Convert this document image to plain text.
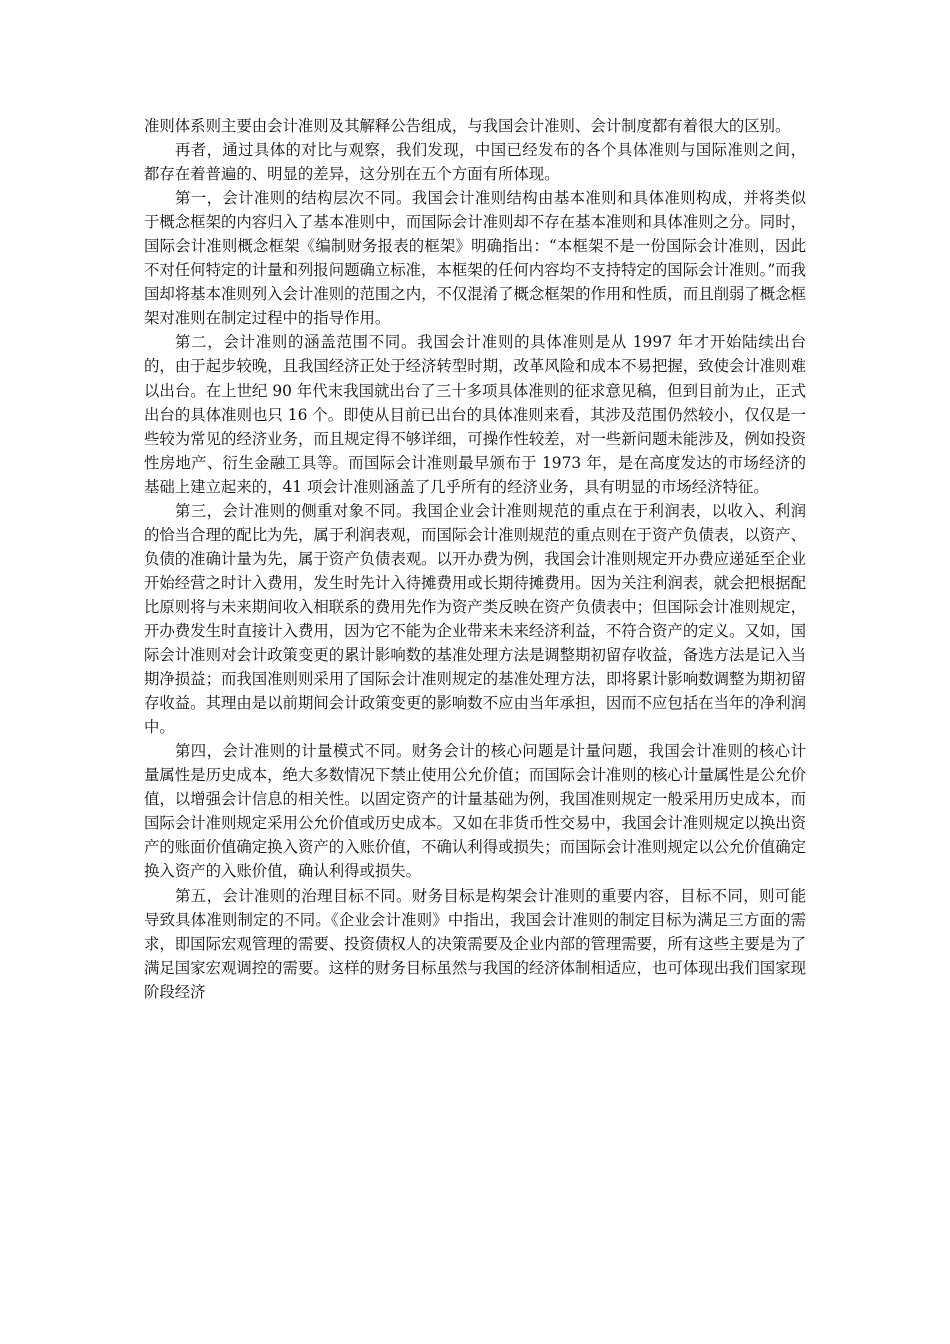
准则体系则主要由会计准则及其解释公告组成，与我国会计准则、会计制度都有着很大的区别。

再者，通过具体的对比与观察，我们发现，中国已经发布的各个具体准则与国际准则之间，都存在着普遍的、明显的差异，这分别在五个方面有所体现。

第一，会计准则的结构层次不同。我国会计准则结构由基本准则和具体准则构成，并将类似于概念框架的内容归入了基本准则中，而国际会计准则却不存在基本准则和具体准则之分。同时，国际会计准则概念框架《编制财务报表的框架》明确指出：“本框架不是一份国际会计准则，因此不对任何特定的计量和列报问题确立标准，本框架的任何内容均不支持特定的国际会计准则。”而我国却将基本准则列入会计准则的范围之内，不仅混淆了概念框架的作用和性质，而且削弱了概念框架对准则在制定过程中的指导作用。

第二，会计准则的涵盖范围不同。我国会计准则的具体准则是从 1997 年才开始陆续出台的，由于起步较晚，且我国经济正处于经济转型时期，改革风险和成本不易把握，致使会计准则难以出台。在上世纪 90 年代末我国就出台了三十多项具体准则的征求意见稿，但到目前为止，正式出台的具体准则也只 16 个。即使从目前已出台的具体准则来看，其涉及范围仍然较小，仅仅是一些较为常见的经济业务，而且规定得不够详细，可操作性较差，对一些新问题未能涉及，例如投资性房地产、衍生金融工具等。而国际会计准则最早颁布于 1973 年，是在高度发达的市场经济的基础上建立起来的，41 项会计准则涵盖了几乎所有的经济业务，具有明显的市场经济特征。

第三，会计准则的侧重对象不同。我国企业会计准则规范的重点在于利润表，以收入、利润的恰当合理的配比为先，属于利润表观，而国际会计准则规范的重点则在于资产负债表，以资产、负债的准确计量为先，属于资产负债表观。以开办费为例，我国会计准则规定开办费应递延至企业开始经营之时计入费用，发生时先计入待摊费用或长期待摊费用。因为关注利润表，就会把根据配比原则将与未来期间收入相联系的费用先作为资产类反映在资产负债表中；但国际会计准则规定，开办费发生时直接计入费用，因为它不能为企业带来未来经济利益，不符合资产的定义。又如，国际会计准则对会计政策变更的累计影响数的基准处理方法是调整期初留存收益，备选方法是记入当期净损益；而我国准则则采用了国际会计准则规定的基准处理方法，即将累计影响数调整为期初留存收益。其理由是以前期间会计政策变更的影响数不应由当年承担，因而不应包括在当年的净利润中。

第四，会计准则的计量模式不同。财务会计的核心问题是计量问题，我国会计准则的核心计量属性是历史成本，绝大多数情况下禁止使用公允价值；而国际会计准则的核心计量属性是公允价值，以增强会计信息的相关性。以固定资产的计量基础为例，我国准则规定一般采用历史成本，而国际会计准则规定采用公允价值或历史成本。又如在非货币性交易中，我国会计准则规定以换出资产的账面价值确定换入资产的入账价值，不确认利得或损失；而国际会计准则规定以公允价值确定换入资产的入账价值，确认利得或损失。

第五，会计准则的治理目标不同。财务目标是构架会计准则的重要内容，目标不同，则可能导致具体准则制定的不同。《企业会计准则》中指出，我国会计准则的制定目标为满足三方面的需求，即国际宏观管理的需要、投资债权人的决策需要及企业内部的管理需要，所有这些主要是为了满足国家宏观调控的需要。这样的财务目标虽然与我国的经济体制相适应，也可体现出我们国家现阶段经济
